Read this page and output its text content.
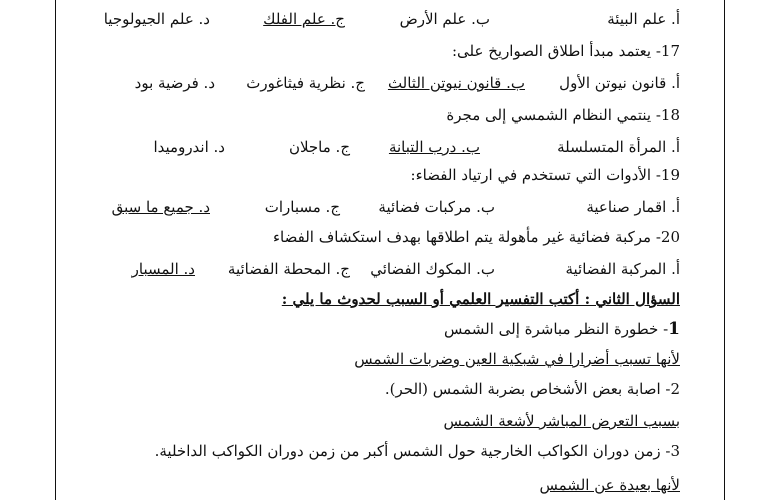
أ. علم البيئة
ب. علم الأرض
ج. علم الفلك
د. علم الجيولوجيا
17- يعتمد مبدأ اطلاق الصواريخ على:
أ. قانون نيوتن الأول
ب. قانون نيوتن الثالث
ج. نظرية فيثاغورث
د. فرضية بود
18- ينتمي النظام الشمسي إلى مجرة
أ. المرأة المتسلسلة
ب. درب التبانة
ج. ماجلان
د. اندروميدا
19- الأدوات التي تستخدم في ارتياد الفضاء:
أ. اقمار صناعية
ب. مركبات فضائية
ج. مسبارات
د. جميع ما سبق
20- مركبة فضائية غير مأهولة يتم اطلاقها بهدف استكشاف الفضاء
أ. المركبة الفضائية
ب. المكوك الفضائي
ج. المحطة الفضائية
د. المسبار
السؤال الثاني : أكتب التفسير العلمي أو السبب لحدوث ما يلي :
1- خطورة النظر مباشرة إلى الشمس
لأنها تسبب أضرارا في شبكية العين وضربات الشمس
2- اصابة بعض الأشخاص بضربة الشمس (الحر).
بسبب التعرض المباشر لأشعة الشمس
3- زمن دوران الكواكب الخارجية حول الشمس أكبر من زمن دوران الكواكب الداخلية.
لأنها بعيدة عن الشمس
